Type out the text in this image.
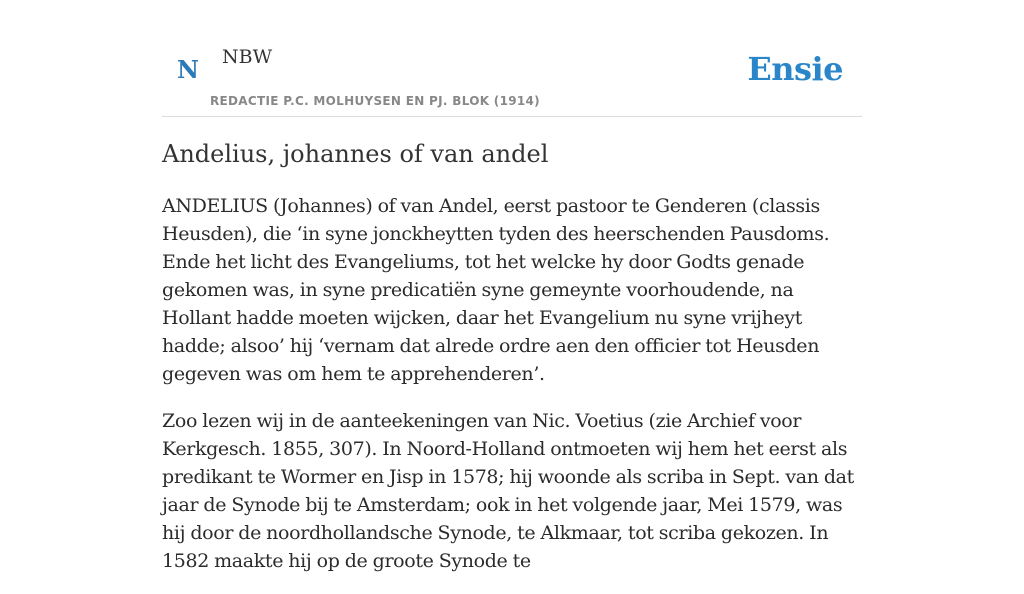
N NBW
REDACTIE P.C. MOLHUYSEN EN PJ. BLOK (1914)
Ensie
Andelius, johannes of van andel

ANDELIUS (Johannes) of van Andel, eerst pastoor te Genderen (classis Heusden), die ‘in syne jonckheytten tyden des heerschenden Pausdoms. Ende het licht des Evangeliums, tot het welcke hy door Godts genade gekomen was, in syne predicatiën syne gemeynte voorhoudende, na Hollant hadde moeten wijcken, daar het Evangelium nu syne vrijheyt hadde; alsoo’ hij ‘vernam dat alrede ordre aen den officier tot Heusden gegeven was om hem te apprehenderen’.

Zoo lezen wij in de aanteekeningen van Nic. Voetius (zie Archief voor Kerkgesch. 1855, 307). In Noord-Holland ontmoeten wij hem het eerst als predikant te Wormer en Jisp in 1578; hij woonde als scriba in Sept. van dat jaar de Synode bij te Amsterdam; ook in het volgende jaar, Mei 1579, was hij door de noordhollandsche Synode, te Alkmaar, tot scriba gekozen. In 1582 maakte hij op de groote Synode te
